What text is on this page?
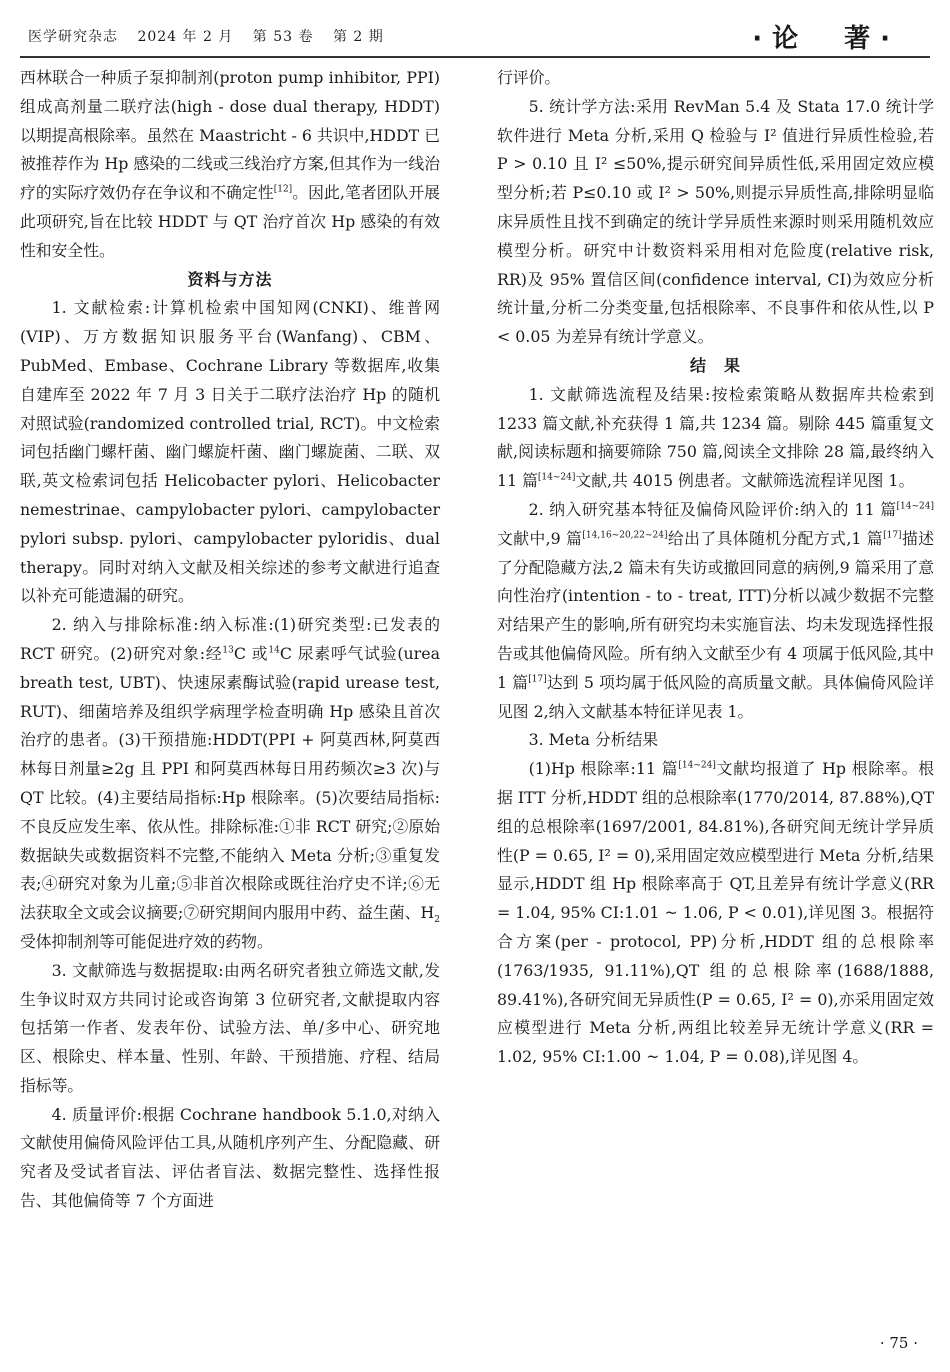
医学研究杂志 2024 年 2 月 第 53 卷 第 2 期	·论　著·

西林联合一种质子泵抑制剂(proton pump inhibitor, PPI)组成高剂量二联疗法(high - dose dual therapy, HDDT)以期提高根除率。虽然在 Maastricht - 6 共识中,HDDT 已被推荐作为 Hp 感染的二线或三线治疗方案,但其作为一线治疗的实际疗效仍存在争议和不确定性[12]。因此,笔者团队开展此项研究,旨在比较 HDDT 与 QT 治疗首次 Hp 感染的有效性和安全性。

资料与方法

1. 文献检索:计算机检索中国知网(CNKI)、维普网(VIP)、万方数据知识服务平台(Wanfang)、CBM、PubMed、Embase、Cochrane Library 等数据库,收集自建库至 2022 年 7 月 3 日关于二联疗法治疗 Hp 的随机对照试验(randomized controlled trial, RCT)。中文检索词包括幽门螺杆菌、幽门螺旋杆菌、幽门螺旋菌、二联、双联,英文检索词包括 Helicobacter pylori、Helicobacter nemestrinae、campylobacter pylori、campylobacter pylori subsp. pylori、campylobacter pyloridis、dual therapy。同时对纳入文献及相关综述的参考文献进行追查以补充可能遗漏的研究。

2. 纳入与排除标准:纳入标准:(1)研究类型:已发表的 RCT 研究。(2)研究对象:经$^{13}$C 或$^{14}$C 尿素呼气试验(urea breath test, UBT)、快速尿素酶试验(rapid urease test, RUT)、细菌培养及组织学病理学检查明确 Hp 感染且首次治疗的患者。(3)干预措施:HDDT(PPI + 阿莫西林,阿莫西林每日剂量≥2g 且 PPI 和阿莫西林每日用药频次≥3 次)与 QT 比较。(4)主要结局指标:Hp 根除率。(5)次要结局指标:不良反应发生率、依从性。排除标准:①非 RCT 研究;②原始数据缺失或数据资料不完整,不能纳入 Meta 分析;③重复发表;④研究对象为儿童;⑤非首次根除或既往治疗史不详;⑥无法获取全文或会议摘要;⑦研究期间内服用中药、益生菌、$H_2$ 受体抑制剂等可能促进疗效的药物。

3. 文献筛选与数据提取:由两名研究者独立筛选文献,发生争议时双方共同讨论或咨询第 3 位研究者,文献提取内容包括第一作者、发表年份、试验方法、单/多中心、研究地区、根除史、样本量、性别、年龄、干预措施、疗程、结局指标等。

4. 质量评价:根据 Cochrane handbook 5.1.0,对纳入文献使用偏倚风险评估工具,从随机序列产生、分配隐藏、研究者及受试者盲法、评估者盲法、数据完整性、选择性报告、其他偏倚等 7 个方面进

行评价。

5. 统计学方法:采用 RevMan 5.4 及 Stata 17.0 统计学软件进行 Meta 分析,采用 Q 检验与 I² 值进行异质性检验,若 P > 0.10 且 I² ≤50%,提示研究间异质性低,采用固定效应模型分析;若 P≤0.10 或 I² > 50%,则提示异质性高,排除明显临床异质性且找不到确定的统计学异质性来源时则采用随机效应模型分析。研究中计数资料采用相对危险度(relative risk, RR)及 95% 置信区间(confidence interval, CI)为效应分析统计量,分析二分类变量,包括根除率、不良事件和依从性,以 P < 0.05 为差异有统计学意义。

结　果

1. 文献筛选流程及结果:按检索策略从数据库共检索到 1233 篇文献,补充获得 1 篇,共 1234 篇。剔除 445 篇重复文献,阅读标题和摘要筛除 750 篇,阅读全文排除 28 篇,最终纳入 11 篇[14~24]文献,共 4015 例患者。文献筛选流程详见图 1。

2. 纳入研究基本特征及偏倚风险评价:纳入的 11 篇[14~24]文献中,9 篇[14,16~20,22~24]给出了具体随机分配方式,1 篇[17]描述了分配隐藏方法,2 篇未有失访或撤回同意的病例,9 篇采用了意向性治疗(intention - to - treat, ITT)分析以减少数据不完整对结果产生的影响,所有研究均未实施盲法、均未发现选择性报告或其他偏倚风险。所有纳入文献至少有 4 项属于低风险,其中 1 篇[17]达到 5 项均属于低风险的高质量文献。具体偏倚风险详见图 2,纳入文献基本特征详见表 1。

3. Meta 分析结果

(1)Hp 根除率:11 篇[14~24]文献均报道了 Hp 根除率。根据 ITT 分析,HDDT 组的总根除率(1770/2014, 87.88%),QT 组的总根除率(1697/2001, 84.81%),各研究间无统计学异质性(P = 0.65, I² = 0),采用固定效应模型进行 Meta 分析,结果显示,HDDT 组 Hp 根除率高于 QT,且差异有统计学意义(RR = 1.04, 95% CI:1.01 ~ 1.06, P < 0.01),详见图 3。根据符合方案(per - protocol, PP)分析,HDDT 组的总根除率(1763/1935, 91.11%),QT 组的总根除率(1688/1888, 89.41%),各研究间无异质性(P = 0.65, I² = 0),亦采用固定效应模型进行 Meta 分析,两组比较差异无统计学意义(RR = 1.02, 95% CI:1.00 ~ 1.04, P = 0.08),详见图 4。

· 75 ·
